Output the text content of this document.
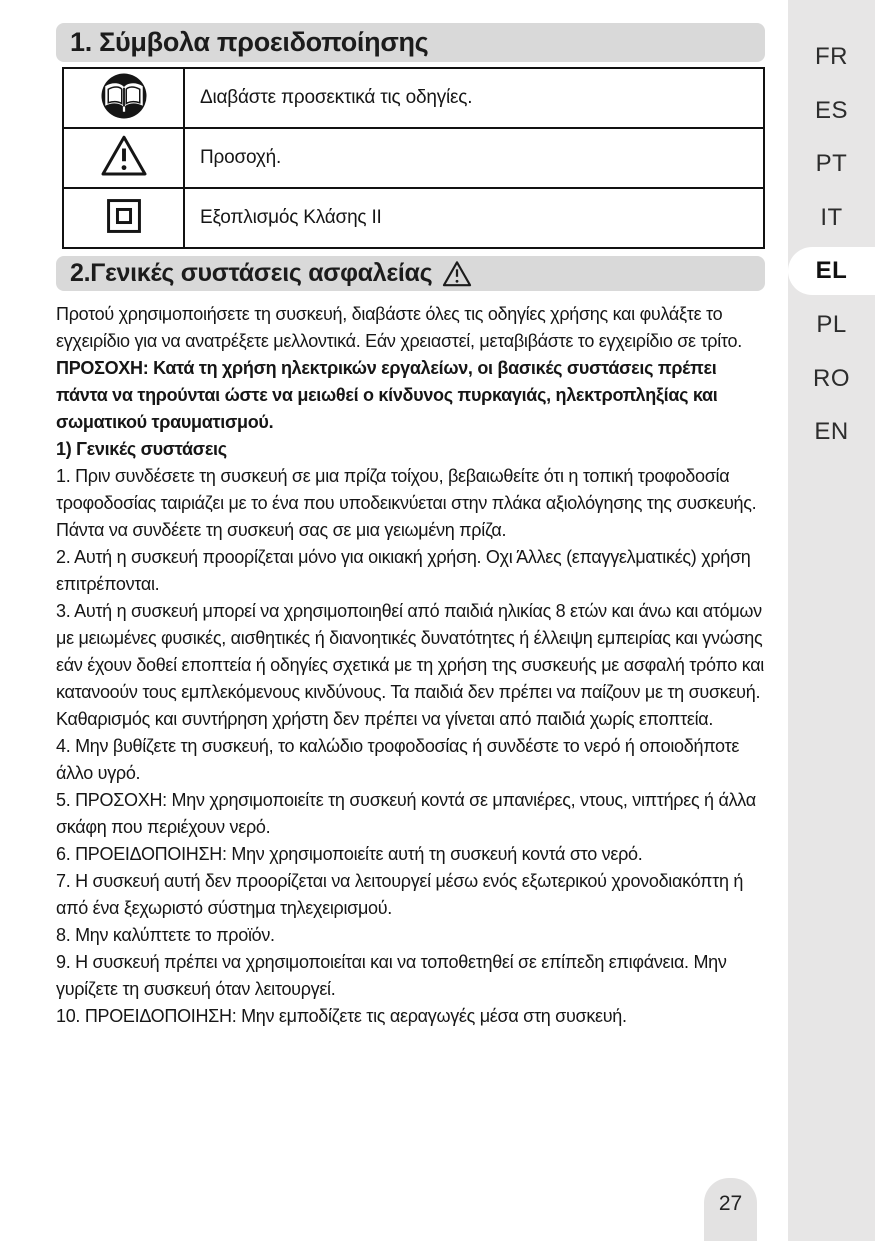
1. Σύμβολα προειδοποίησης
Διαβάστε προσεκτικά τις οδηγίες.
Προσοχή.
Εξοπλισμός Κλάσης II
2.Γενικές συστάσεις ασφαλείας

Προτού χρησιμοποιήσετε τη συσκευή, διαβάστε όλες τις οδηγίες χρήσης και φυλάξτε το εγχειρίδιο για να ανατρέξετε μελλοντικά. Εάν χρειαστεί, μεταβιβάστε το εγχειρίδιο σε τρίτο.

ΠΡΟΣΟΧΗ: Κατά τη χρήση ηλεκτρικών εργαλείων, οι βασικές συστάσεις πρέπει πάντα να τηρούνται ώστε να μειωθεί ο κίνδυνος πυρκαγιάς, ηλεκτροπληξίας και σωματικού τραυματισμού.

1) Γενικές συστάσεις

1. Πριν συνδέσετε τη συσκευή σε μια πρίζα τοίχου, βεβαιωθείτε ότι η τοπική τροφοδοσία τροφοδοσίας ταιριάζει με το ένα που υποδεικνύεται στην πλάκα αξιολόγησης της συσκευής. Πάντα να συνδέετε τη συσκευή σας σε μια γειωμένη πρίζα.

2. Αυτή η συσκευή προορίζεται μόνο για οικιακή χρήση. Οχι Άλλες (επαγγελματικές) χρήση επιτρέπονται.

3. Αυτή η συσκευή μπορεί να χρησιμοποιηθεί από παιδιά ηλικίας 8 ετών και άνω και ατόμων με μειωμένες φυσικές, αισθητικές ή διανοητικές δυνατότητες ή έλλειψη εμπειρίας και γνώσης εάν έχουν δοθεί εποπτεία ή οδηγίες σχετικά με τη χρήση της συσκευής με ασφαλή τρόπο και κατανοούν τους εμπλεκόμενους κινδύνους. Τα παιδιά δεν πρέπει να παίζουν με τη συσκευή. Καθαρισμός και συντήρηση χρήστη δεν πρέπει να γίνεται από παιδιά χωρίς εποπτεία.

4. Μην βυθίζετε τη συσκευή, το καλώδιο τροφοδοσίας ή συνδέστε το νερό ή οποιοδήποτε άλλο υγρό.

5. ΠΡΟΣΟΧΗ: Μην χρησιμοποιείτε τη συσκευή κοντά σε μπανιέρες, ντους, νιπτήρες ή άλλα σκάφη που περιέχουν νερό.

6. ΠΡΟΕΙΔΟΠΟΙΗΣΗ: Μην χρησιμοποιείτε αυτή τη συσκευή κοντά στο νερό.

7. Η συσκευή αυτή δεν προορίζεται να λειτουργεί μέσω ενός εξωτερικού χρονοδιακόπτη ή από ένα ξεχωριστό σύστημα τηλεχειρισμού.

8. Μην καλύπτετε το προϊόν.

9. Η συσκευή πρέπει να χρησιμοποιείται και να τοποθετηθεί σε επίπεδη επιφάνεια. Μην γυρίζετε τη συσκευή όταν λειτουργεί.

10. ΠΡΟΕΙΔΟΠΟΙΗΣΗ: Μην εμποδίζετε τις αεραγωγές μέσα στη συσκευή.

FR
ES
PT
IT
EL
PL
RO
EN
27
